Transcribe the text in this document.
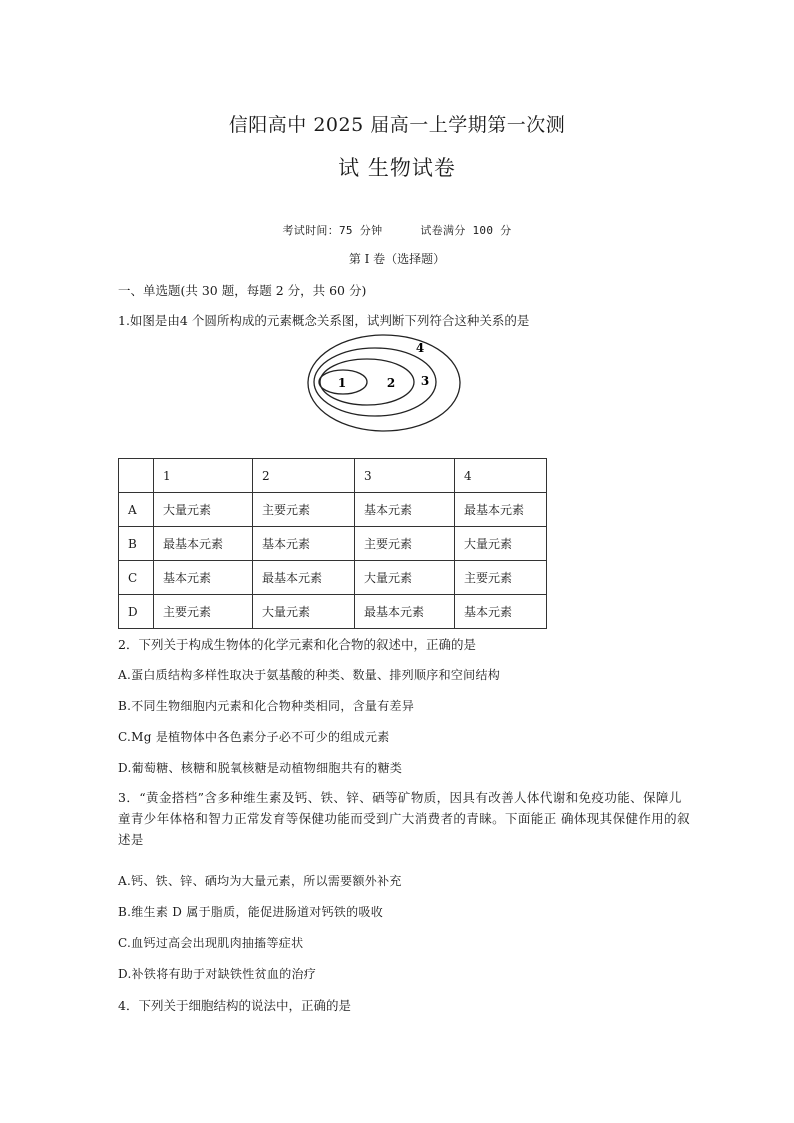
信阳高中 2025 届高一上学期第一次测
试 生物试卷
考试时间：75 分钟	试卷满分 100 分
第 I 卷（选择题）
一、单选题(共 30 题，每题 2 分，共 60 分)
1.如图是由4 个圆所构成的元素概念关系图，试判断下列符合这种关系的是
1	2 3
4
	1	2	3	4
A	大量元素	主要元素	基本元素	最基本元素
B	最基本元素	基本元素	主要元素	大量元素
C	基本元素	最基本元素	大量元素	主要元素
D	主要元素	大量元素	最基本元素	基本元素
2．下列关于构成生物体的化学元素和化合物的叙述中，正确的是
A.蛋白质结构多样性取决于氨基酸的种类、数量、排列顺序和空间结构
B.不同生物细胞内元素和化合物种类相同，含量有差异
C.Mg 是植物体中各色素分子必不可少的组成元素
D.葡萄糖、核糖和脱氧核糖是动植物细胞共有的糖类
3．“黄金搭档”含多种维生素及钙、铁、锌、硒等矿物质，因具有改善人体代谢和免疫功能、保障儿童青少年体格和智力正常发育等保健功能而受到广大消费者的青睐。下面能正 确体现其保健作用的叙述是
A.钙、铁、锌、硒均为大量元素，所以需要额外补充
B.维生素 D 属于脂质，能促进肠道对钙铁的吸收
C.血钙过高会出现肌肉抽搐等症状
D.补铁将有助于对缺铁性贫血的治疗
4．下列关于细胞结构的说法中，正确的是
